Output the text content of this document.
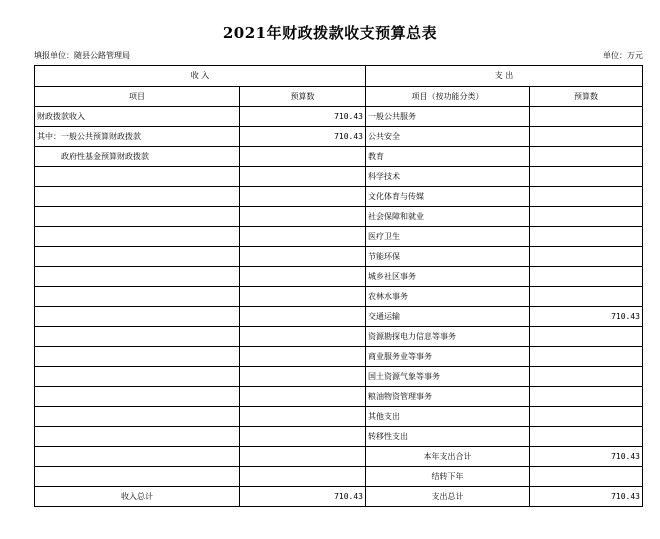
2021年财政拨款收支预算总表
填报单位：随县公路管理局	单位：万元
收 入		支 出	
项目	预算数	项目（按功能分类）	预算数
财政拨款收入	710.43	一般公共服务	
其中：一般公共预算财政拨款	710.43	公共安全	
政府性基金预算财政拨款		教育	
		科学技术	
		文化体育与传媒	
		社会保障和就业	
		医疗卫生	
		节能环保	
		城乡社区事务	
		农林水事务	
		交通运输	710.43
		资源勘探电力信息等事务	
		商业服务业等事务	
		国土资源气象等事务	
		粮油物资管理事务	
		其他支出	
		转移性支出	
		本年支出合计	710.43
		结转下年	
收入总计	710.43	支出总计	710.43
